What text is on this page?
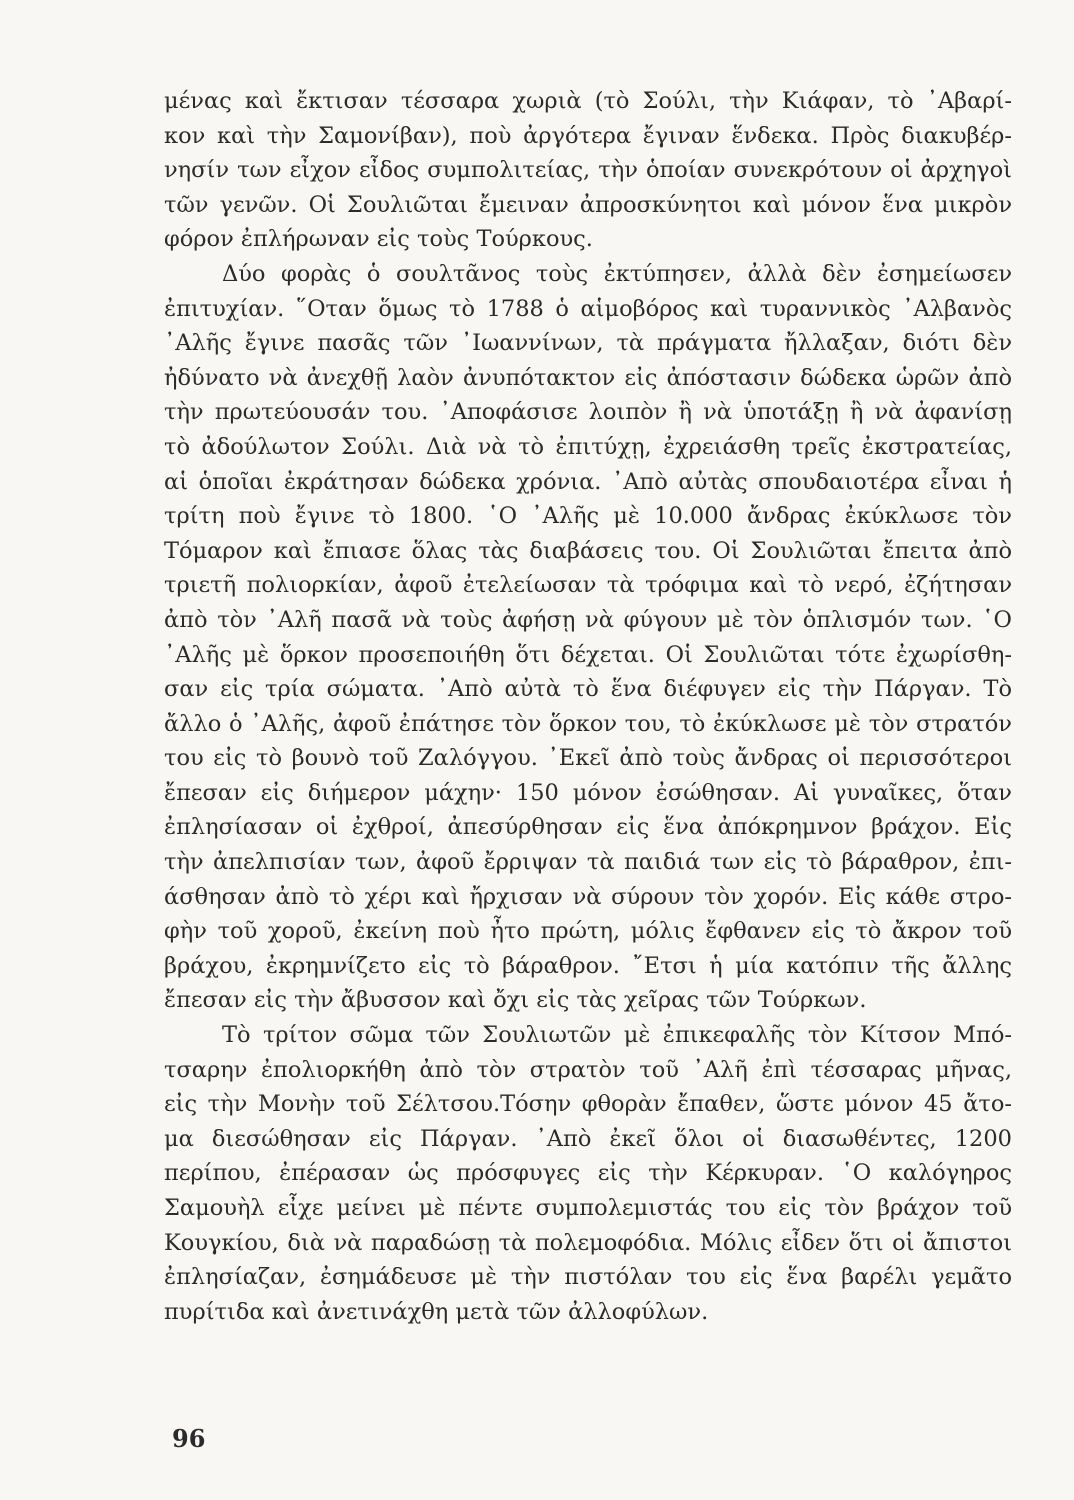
μένας καὶ ἔκτισαν τέσσαρα χωριὰ (τὸ Σούλι, τὴν Κιάφαν, τὸ ᾿Αβαρί-
κον καὶ τὴν Σαμονίβαν), ποὺ ἀργότερα ἔγιναν ἕνδεκα. Πρὸς διακυβέρ-
νησίν των εἶχον εἶδος συμπολιτείας, τὴν ὁποίαν συνεκρότουν οἱ ἀρχηγοὶ
τῶν γενῶν. Οἱ Σουλιῶται ἔμειναν ἀπροσκύνητοι καὶ μόνον ἕνα μικρὸν
φόρον ἐπλήρωναν εἰς τοὺς Τούρκους.
Δύο φορὰς ὁ σουλτᾶνος τοὺς ἐκτύπησεν, ἀλλὰ δὲν ἐσημείωσεν
ἐπιτυχίαν. ῞Οταν ὅμως τὸ 1788 ὁ αἱμοβόρος καὶ τυραννικὸς ᾿Αλβανὸς
᾿Αλῆς ἔγινε πασᾶς τῶν ᾿Ιωαννίνων, τὰ πράγματα ἤλλαξαν, διότι δὲν
ἠδύνατο νὰ ἀνεχθῇ λαὸν ἀνυπότακτον εἰς ἀπόστασιν δώδεκα ὡρῶν ἀπὸ
τὴν πρωτεύουσάν του. ᾿Αποφάσισε λοιπὸν ἢ νὰ ὑποτάξῃ ἢ νὰ ἀφανίσῃ
τὸ ἀδούλωτον Σούλι. Διὰ νὰ τὸ ἐπιτύχῃ, ἐχρειάσθη τρεῖς ἐκστρατείας,
αἱ ὁποῖαι ἐκράτησαν δώδεκα χρόνια. ᾿Απὸ αὐτὰς σπουδαιοτέρα εἶναι ἡ
τρίτη ποὺ ἔγινε τὸ 1800. ῾Ο ᾿Αλῆς μὲ 10.000 ἄνδρας ἐκύκλωσε τὸν
Τόμαρον καὶ ἔπιασε ὅλας τὰς διαβάσεις του. Οἱ Σουλιῶται ἔπειτα ἀπὸ
τριετῆ πολιορκίαν, ἀφοῦ ἐτελείωσαν τὰ τρόφιμα καὶ τὸ νερό, ἐζήτησαν
ἀπὸ τὸν ᾿Αλῆ πασᾶ νὰ τοὺς ἀφήσῃ νὰ φύγουν μὲ τὸν ὁπλισμόν των. ῾Ο
᾿Αλῆς μὲ ὅρκον προσεποιήθη ὅτι δέχεται. Οἱ Σουλιῶται τότε ἐχωρίσθη-
σαν εἰς τρία σώματα. ᾿Απὸ αὐτὰ τὸ ἕνα διέφυγεν εἰς τὴν Πάργαν. Τὸ
ἄλλο ὁ ᾿Αλῆς, ἀφοῦ ἐπάτησε τὸν ὅρκον του, τὸ ἐκύκλωσε μὲ τὸν στρατόν
του εἰς τὸ βουνὸ τοῦ Ζαλόγγου. ᾿Εκεῖ ἀπὸ τοὺς ἄνδρας οἱ περισσότεροι
ἔπεσαν εἰς διήμερον μάχην· 150 μόνον ἐσώθησαν. Αἱ γυναῖκες, ὅταν
ἐπλησίασαν οἱ ἐχθροί, ἀπεσύρθησαν εἰς ἕνα ἀπόκρημνον βράχον. Εἰς
τὴν ἀπελπισίαν των, ἀφοῦ ἔρριψαν τὰ παιδιά των εἰς τὸ βάραθρον, ἐπι-
άσθησαν ἀπὸ τὸ χέρι καὶ ἤρχισαν νὰ σύρουν τὸν χορόν. Εἰς κάθε στρο-
φὴν τοῦ χοροῦ, ἐκείνη ποὺ ἦτο πρώτη, μόλις ἔφθανεν εἰς τὸ ἄκρον τοῦ
βράχου, ἐκρημνίζετο εἰς τὸ βάραθρον. ῎Ετσι ἡ μία κατόπιν τῆς ἄλλης
ἔπεσαν εἰς τὴν ἄβυσσον καὶ ὄχι εἰς τὰς χεῖρας τῶν Τούρκων.
Τὸ τρίτον σῶμα τῶν Σουλιωτῶν μὲ ἐπικεφαλῆς τὸν Κίτσον Μπό-
τσαρην ἐπολιορκήθη ἀπὸ τὸν στρατὸν τοῦ ᾿Αλῆ ἐπὶ τέσσαρας μῆνας,
εἰς τὴν Μονὴν τοῦ Σέλτσου.Τόσην φθορὰν ἔπαθεν, ὥστε μόνον 45 ἄτο-
μα διεσώθησαν εἰς Πάργαν. ᾿Απὸ ἐκεῖ ὅλοι οἱ διασωθέντες, 1200
περίπου, ἐπέρασαν ὡς πρόσφυγες εἰς τὴν Κέρκυραν. ῾Ο καλόγηρος
Σαμουὴλ εἶχε μείνει μὲ πέντε συμπολεμιστάς του εἰς τὸν βράχον τοῦ
Κουγκίου, διὰ νὰ παραδώσῃ τὰ πολεμοφόδια. Μόλις εἶδεν ὅτι οἱ ἄπιστοι
ἐπλησίαζαν, ἐσημάδευσε μὲ τὴν πιστόλαν του εἰς ἕνα βαρέλι γεμᾶτο
πυρίτιδα καὶ ἀνετινάχθη μετὰ τῶν ἀλλοφύλων.
96
